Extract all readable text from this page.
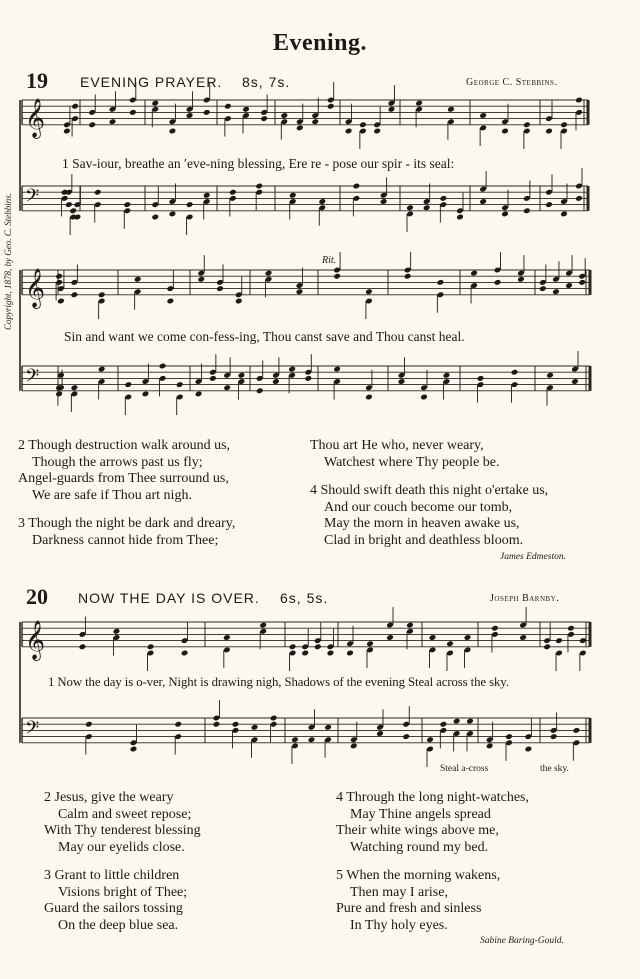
Evening.
19 EVENING PRAYER. 8s, 7s.	George C. Stebbins.
Copyright, 1878, by Geo. C. Stebbins.
𝄞
𝄢
1 Sav-iour, breathe an ′eve-ning blessing, Ere re - pose our spir - its seal:
Rit.
𝄞
𝄢
Sin and want we come con-fess-ing, Thou canst save and Thou canst heal.
2 Though destruction walk around us,
Though the arrows past us fly;
Angel-guards from Thee surround us,
We are safe if Thou art nigh.
3 Though the night be dark and dreary,
Darkness cannot hide from Thee;
Thou art He who, never weary,
Watchest where Thy people be.
4 Should swift death this night o'ertake us,
And our couch become our tomb,
May the morn in heaven awake us,
Clad in bright and deathless bloom.
James Edmeston.
20 NOW THE DAY IS OVER. 6s, 5s.	Joseph Barnby.
𝄞
𝄢
1 Now the day is o-ver, Night is drawing nigh, Shadows of the evening Steal across the sky.
Steal a-cross	the sky.
2 Jesus, give the weary
Calm and sweet repose;
With Thy tenderest blessing
May our eyelids close.
3 Grant to little children
Visions bright of Thee;
Guard the sailors tossing
On the deep blue sea.
4 Through the long night-watches,
May Thine angels spread
Their white wings above me,
Watching round my bed.
5 When the morning wakens,
Then may I arise,
Pure and fresh and sinless
In Thy holy eyes.
Sabine Baring-Gould.
